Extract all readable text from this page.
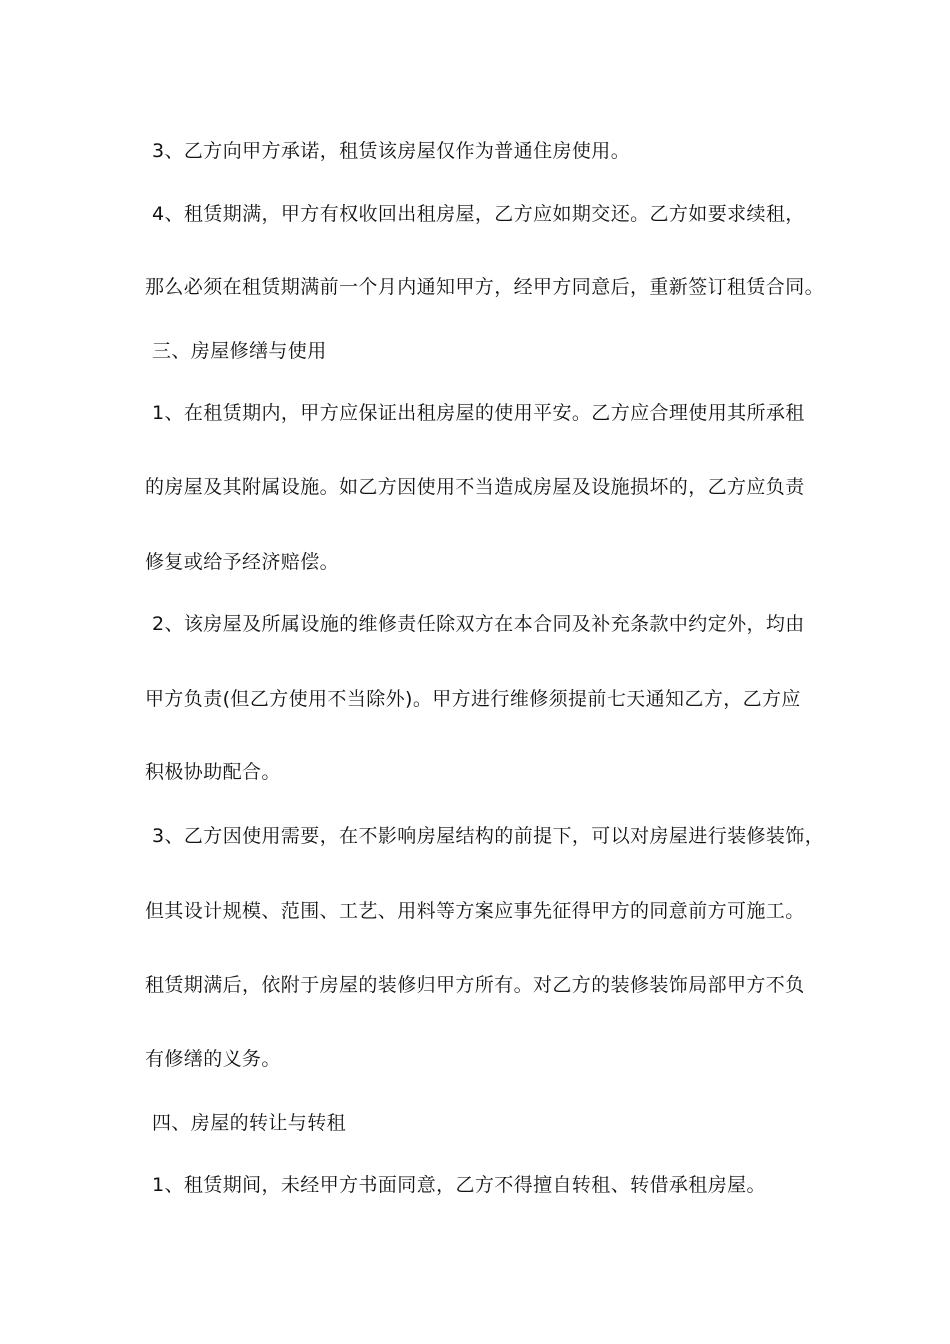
3、乙方向甲方承诺，租赁该房屋仅作为普通住房使用。
4、租赁期满，甲方有权收回出租房屋，乙方应如期交还。乙方如要求续租，
那么必须在租赁期满前一个月内通知甲方，经甲方同意后，重新签订租赁合同。
三、房屋修缮与使用
1、在租赁期内，甲方应保证出租房屋的使用平安。乙方应合理使用其所承租
的房屋及其附属设施。如乙方因使用不当造成房屋及设施损坏的，乙方应负责
修复或给予经济赔偿。
2、该房屋及所属设施的维修责任除双方在本合同及补充条款中约定外，均由
甲方负责(但乙方使用不当除外)。甲方进行维修须提前七天通知乙方，乙方应
积极协助配合。
3、乙方因使用需要，在不影响房屋结构的前提下，可以对房屋进行装修装饰，
但其设计规模、范围、工艺、用料等方案应事先征得甲方的同意前方可施工。
租赁期满后，依附于房屋的装修归甲方所有。对乙方的装修装饰局部甲方不负
有修缮的义务。
四、房屋的转让与转租
1、租赁期间，未经甲方书面同意，乙方不得擅自转租、转借承租房屋。
